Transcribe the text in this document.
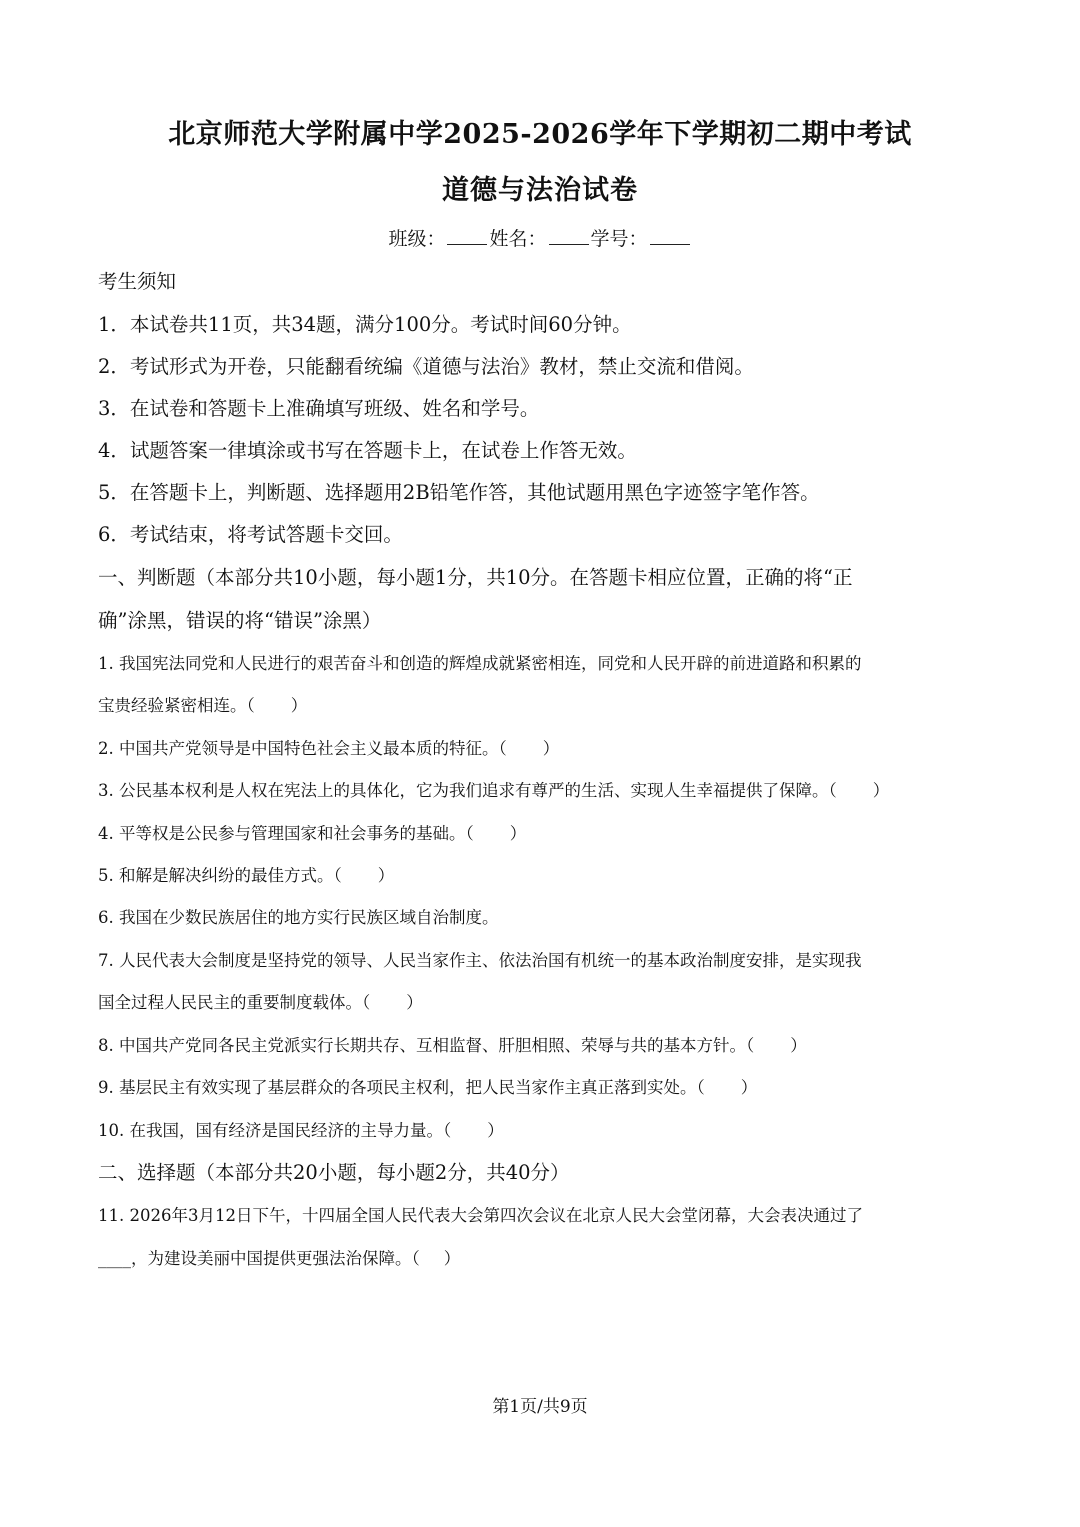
北京师范大学附属中学2025-2026学年下学期初二期中考试
道德与法治试卷
班级： 姓名： 学号：
考生须知
1．本试卷共11页，共34题，满分100分。考试时间60分钟。
2．考试形式为开卷，只能翻看统编《道德与法治》教材，禁止交流和借阅。
3．在试卷和答题卡上准确填写班级、姓名和学号。
4．试题答案一律填涂或书写在答题卡上，在试卷上作答无效。
5．在答题卡上，判断题、选择题用2B铅笔作答，其他试题用黑色字迹签字笔作答。
6．考试结束，将考试答题卡交回。
一、判断题（本部分共10小题，每小题1分，共10分。在答题卡相应位置，正确的将“正
确”涂黑，错误的将“错误”涂黑）
1. 我国宪法同党和人民进行的艰苦奋斗和创造的辉煌成就紧密相连，同党和人民开辟的前进道路和积累的
宝贵经验紧密相连。（ ）
2. 中国共产党领导是中国特色社会主义最本质的特征。（ ）
3. 公民基本权利是人权在宪法上的具体化，它为我们追求有尊严的生活、实现人生幸福提供了保障。（ ）
4. 平等权是公民参与管理国家和社会事务的基础。（ ）
5. 和解是解决纠纷的最佳方式。（ ）
6. 我国在少数民族居住的地方实行民族区域自治制度。
7. 人民代表大会制度是坚持党的领导、人民当家作主、依法治国有机统一的基本政治制度安排，是实现我
国全过程人民民主的重要制度载体。（ ）
8. 中国共产党同各民主党派实行长期共存、互相监督、肝胆相照、荣辱与共的基本方针。（ ）
9. 基层民主有效实现了基层群众的各项民主权利，把人民当家作主真正落到实处。（ ）
10. 在我国，国有经济是国民经济的主导力量。（ ）
二、选择题（本部分共20小题，每小题2分，共40分）
11. 2026年3月12日下午，十四届全国人民代表大会第四次会议在北京人民大会堂闭幕，大会表决通过了
____，为建设美丽中国提供更强法治保障。（ ）
第1页/共9页
